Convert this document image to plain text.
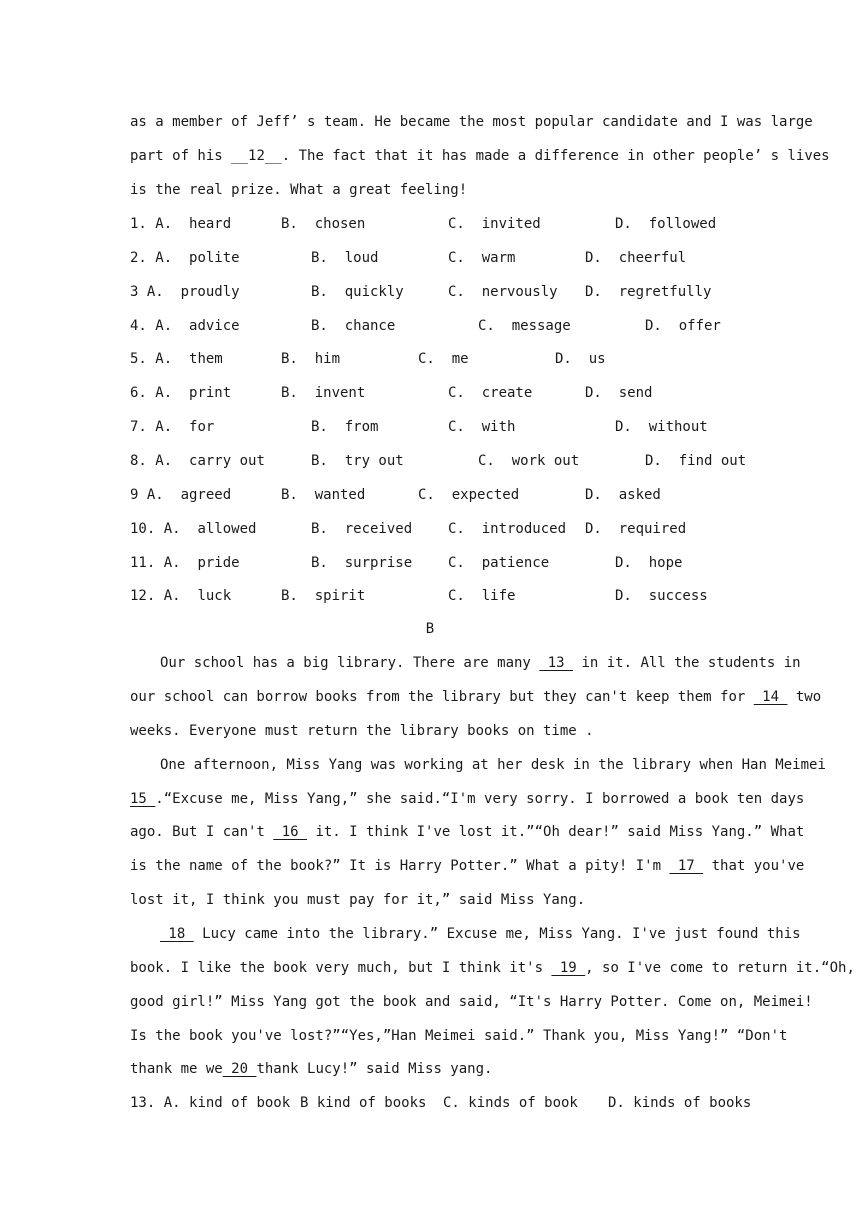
as a member of Jeff’ s team. He became the most popular candidate and I was large
part of his __12__. The fact that it has made a difference in other people’ s lives
is the real prize. What a great feeling!
1. A. heard	B.  chosen	C.  invited	D.  followed
2. A. polite	B.  loud	C.  warm	D.  cheerful
3 A. proudly	B.  quickly	C.  nervously D.  regretfully
4. A. advice	B.  chance	C.  message	D.  offer
5. A. them	B.  him	C.  me	D.  us
6. A. print	B.  invent	C.  create	D.  send
7. A. for	B.  from	C.  with	D.  without
8. A. carry out	B.  try out	C.  work out	D.  find out
9 A. agreed	B.  wanted	C.  expected	D.  asked
10. A. allowed	B.  received	C.  introduced D.  required
11. A. pride	B.  surprise	C.  patience	D.  hope
12. A. luck	B.  spirit	C.  life	D.  success
B
Our school has a big library. There are many  13  in it. All the students in
our school can borrow books from the library but they can't keep them for  14  two
weeks. Everyone must return the library books on time .
One afternoon, Miss Yang was working at her desk in the library when Han Meimei
15 .“Excuse me, Miss Yang,” she said.“I'm very sorry. I borrowed a book ten days
ago. But I can't  16  it. I think I've lost it.”“Oh dear!” said Miss Yang.” What
is the name of the book?” It is Harry Potter.” What a pity! I'm  17  that you've
lost it, I think you must pay for it,” said Miss Yang.
18  Lucy came into the library.” Excuse me, Miss Yang. I've just found this
book. I like the book very much, but I think it's  19 , so I've come to return it.“Oh,
good girl!” Miss Yang got the book and said, “It's Harry Potter. Come on, Meimei!
Is the book you've lost?”“Yes,”Han Meimei said.” Thank you, Miss Yang!” “Don't
thank me we 20 thank Lucy!” said Miss yang.
13. A. kind of book B kind of books C. kinds of book D. kinds of books
